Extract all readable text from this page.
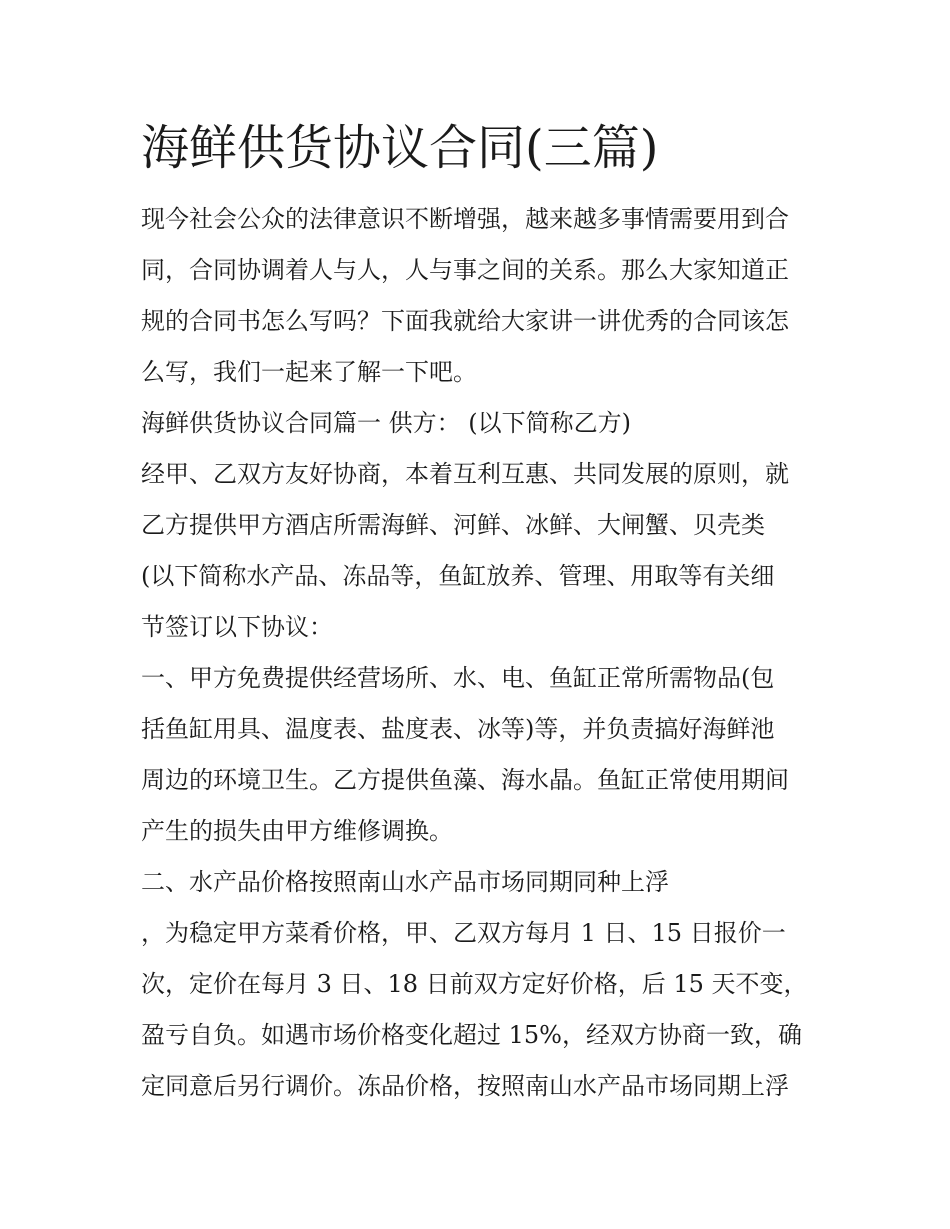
海鲜供货协议合同(三篇)
现今社会公众的法律意识不断增强，越来越多事情需要用到合
同，合同协调着人与人，人与事之间的关系。那么大家知道正
规的合同书怎么写吗？下面我就给大家讲一讲优秀的合同该怎
么写，我们一起来了解一下吧。
海鲜供货协议合同篇一 供方： (以下简称乙方)
经甲、乙双方友好协商，本着互利互惠、共同发展的原则，就
乙方提供甲方酒店所需海鲜、河鲜、冰鲜、大闸蟹、贝壳类
(以下简称水产品、冻品等，鱼缸放养、管理、用取等有关细
节签订以下协议：
一、甲方免费提供经营场所、水、电、鱼缸正常所需物品(包
括鱼缸用具、温度表、盐度表、冰等)等，并负责搞好海鲜池
周边的环境卫生。乙方提供鱼藻、海水晶。鱼缸正常使用期间
产生的损失由甲方维修调换。
二、水产品价格按照南山水产品市场同期同种上浮
，为稳定甲方菜肴价格，甲、乙双方每月 1 日、15 日报价一
次，定价在每月 3 日、18 日前双方定好价格，后 15 天不变，
盈亏自负。如遇市场价格变化超过 15%，经双方协商一致，确
定同意后另行调价。冻品价格，按照南山水产品市场同期上浮
